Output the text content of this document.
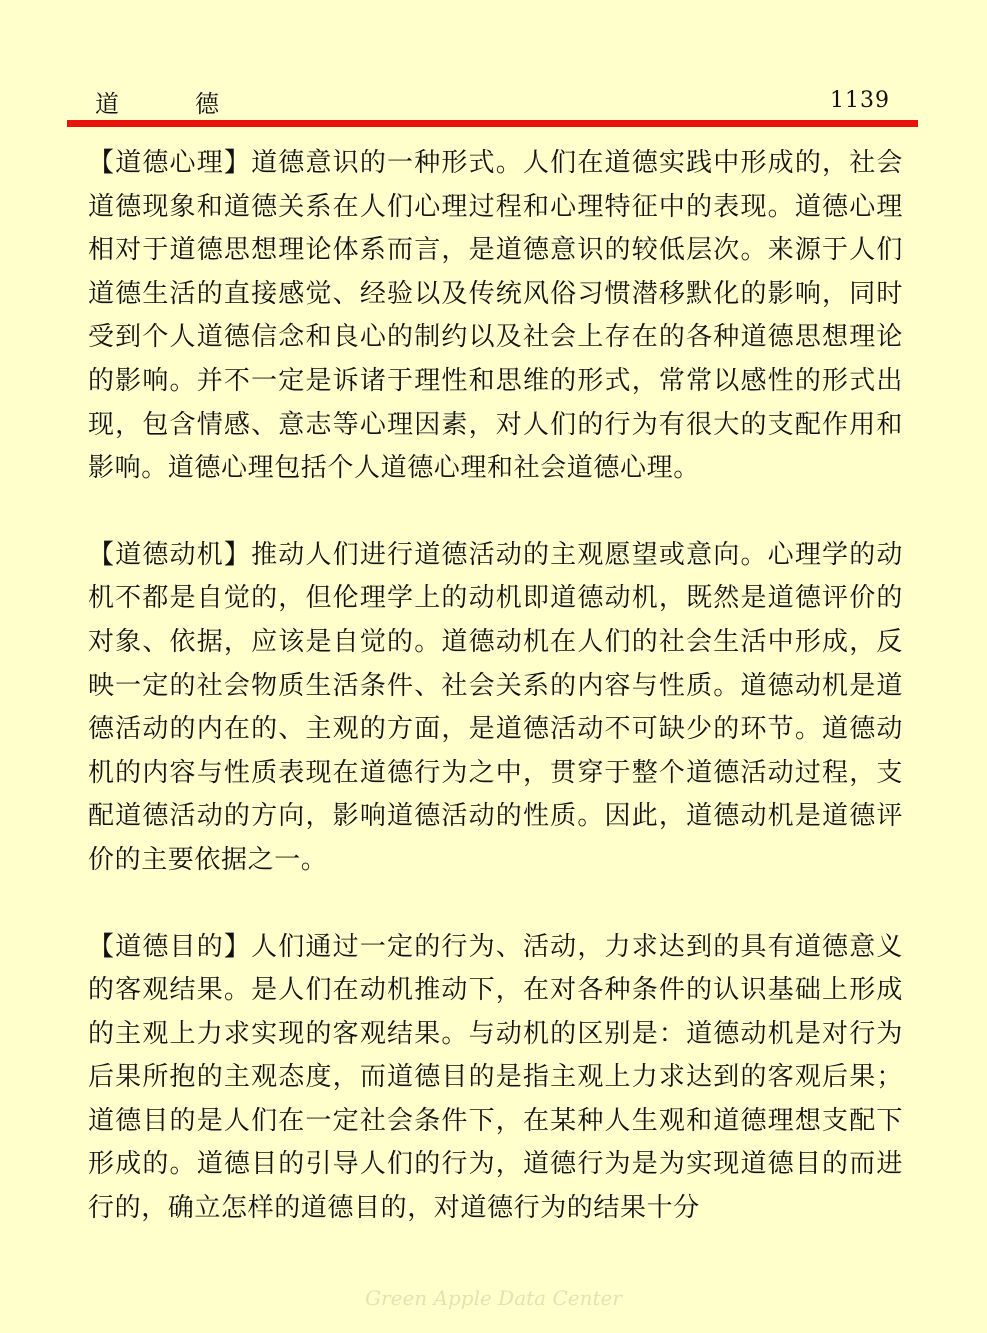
道德	1139

【道德心理】道德意识的一种形式。人们在道德实践中形成的，社会道德现象和道德关系在人们心理过程和心理特征中的表现。道德心理相对于道德思想理论体系而言，是道德意识的较低层次。来源于人们道德生活的直接感觉、经验以及传统风俗习惯潜移默化的影响，同时受到个人道德信念和良心的制约以及社会上存在的各种道德思想理论的影响。并不一定是诉诸于理性和思维的形式，常常以感性的形式出现，包含情感、意志等心理因素，对人们的行为有很大的支配作用和影响。道德心理包括个人道德心理和社会道德心理。

【道德动机】推动人们进行道德活动的主观愿望或意向。心理学的动机不都是自觉的，但伦理学上的动机即道德动机，既然是道德评价的对象、依据，应该是自觉的。道德动机在人们的社会生活中形成，反映一定的社会物质生活条件、社会关系的内容与性质。道德动机是道德活动的内在的、主观的方面，是道德活动不可缺少的环节。道德动机的内容与性质表现在道德行为之中，贯穿于整个道德活动过程，支配道德活动的方向，影响道德活动的性质。因此，道德动机是道德评价的主要依据之一。

【道德目的】人们通过一定的行为、活动，力求达到的具有道德意义的客观结果。是人们在动机推动下，在对各种条件的认识基础上形成的主观上力求实现的客观结果。与动机的区别是：道德动机是对行为后果所抱的主观态度，而道德目的是指主观上力求达到的客观后果；道德目的是人们在一定社会条件下，在某种人生观和道德理想支配下形成的。道德目的引导人们的行为，道德行为是为实现道德目的而进行的，确立怎样的道德目的，对道德行为的结果十分

Green Apple Data Center
